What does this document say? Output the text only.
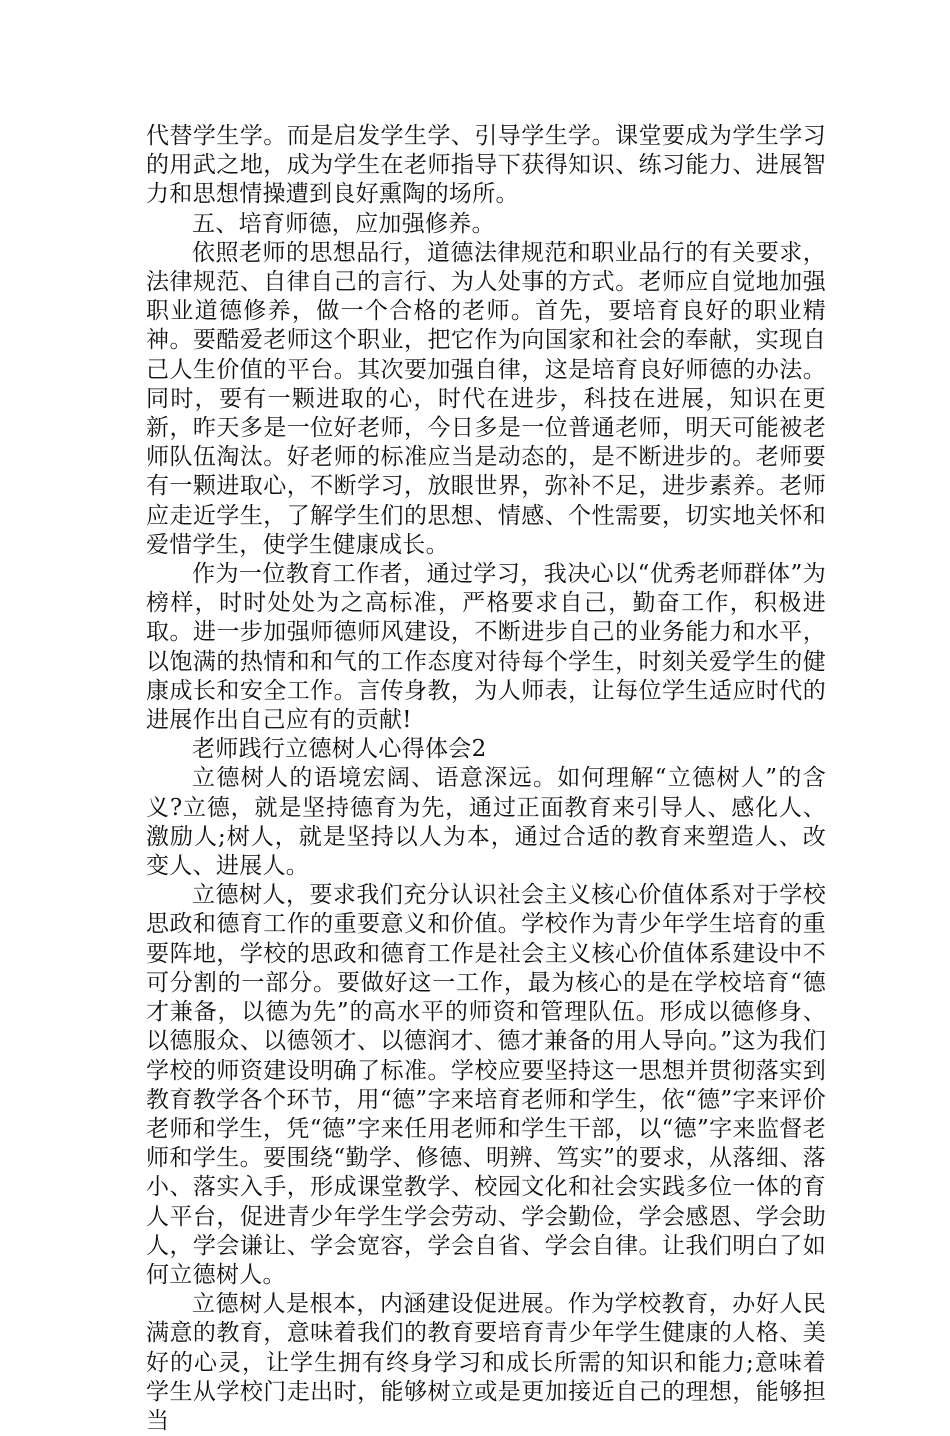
代替学生学。而是启发学生学、引导学生学。课堂要成为学生学习的用武之地，成为学生在老师指导下获得知识、练习能力、进展智力和思想情操遭到良好熏陶的场所。

五、培育师德，应加强修养。

依照老师的思想品行，道德法律规范和职业品行的有关要求，法律规范、自律自己的言行、为人处事的方式。老师应自觉地加强职业道德修养，做一个合格的老师。首先，要培育良好的职业精神。要酷爱老师这个职业，把它作为向国家和社会的奉献，实现自己人生价值的平台。其次要加强自律，这是培育良好师德的办法。同时，要有一颗进取的心，时代在进步，科技在进展，知识在更新，昨天多是一位好老师，今日多是一位普通老师，明天可能被老师队伍淘汰。好老师的标准应当是动态的，是不断进步的。老师要有一颗进取心，不断学习，放眼世界，弥补不足，进步素养。老师应走近学生，了解学生们的思想、情感、个性需要，切实地关怀和爱惜学生，使学生健康成长。

作为一位教育工作者，通过学习，我决心以“优秀老师群体”为榜样，时时处处为之高标准，严格要求自己，勤奋工作，积极进取。进一步加强师德师风建设，不断进步自己的业务能力和水平，以饱满的热情和和气的工作态度对待每个学生，时刻关爱学生的健康成长和安全工作。言传身教，为人师表，让每位学生适应时代的进展作出自己应有的贡献!

老师践行立德树人心得体会2

立德树人的语境宏阔、语意深远。如何理解“立德树人”的含义?立德，就是坚持德育为先，通过正面教育来引导人、感化人、激励人;树人，就是坚持以人为本，通过合适的教育来塑造人、改变人、进展人。

立德树人，要求我们充分认识社会主义核心价值体系对于学校思政和德育工作的重要意义和价值。学校作为青少年学生培育的重要阵地，学校的思政和德育工作是社会主义核心价值体系建设中不可分割的一部分。要做好这一工作，最为核心的是在学校培育“德才兼备，以德为先”的高水平的师资和管理队伍。形成以德修身、以德服众、以德领才、以德润才、德才兼备的用人导向。”这为我们学校的师资建设明确了标准。学校应要坚持这一思想并贯彻落实到教育教学各个环节，用“德”字来培育老师和学生，依“德”字来评价老师和学生，凭“德”字来任用老师和学生干部，以“德”字来监督老师和学生。要围绕“勤学、修德、明辨、笃实”的要求，从落细、落小、落实入手，形成课堂教学、校园文化和社会实践多位一体的育人平台，促进青少年学生学会劳动、学会勤俭，学会感恩、学会助人，学会谦让、学会宽容，学会自省、学会自律。让我们明白了如何立德树人。

立德树人是根本，内涵建设促进展。作为学校教育，办好人民满意的教育，意味着我们的教育要培育青少年学生健康的人格、美好的心灵，让学生拥有终身学习和成长所需的知识和能力;意味着学生从学校门走出时，能够树立或是更加接近自己的理想，能够担当
